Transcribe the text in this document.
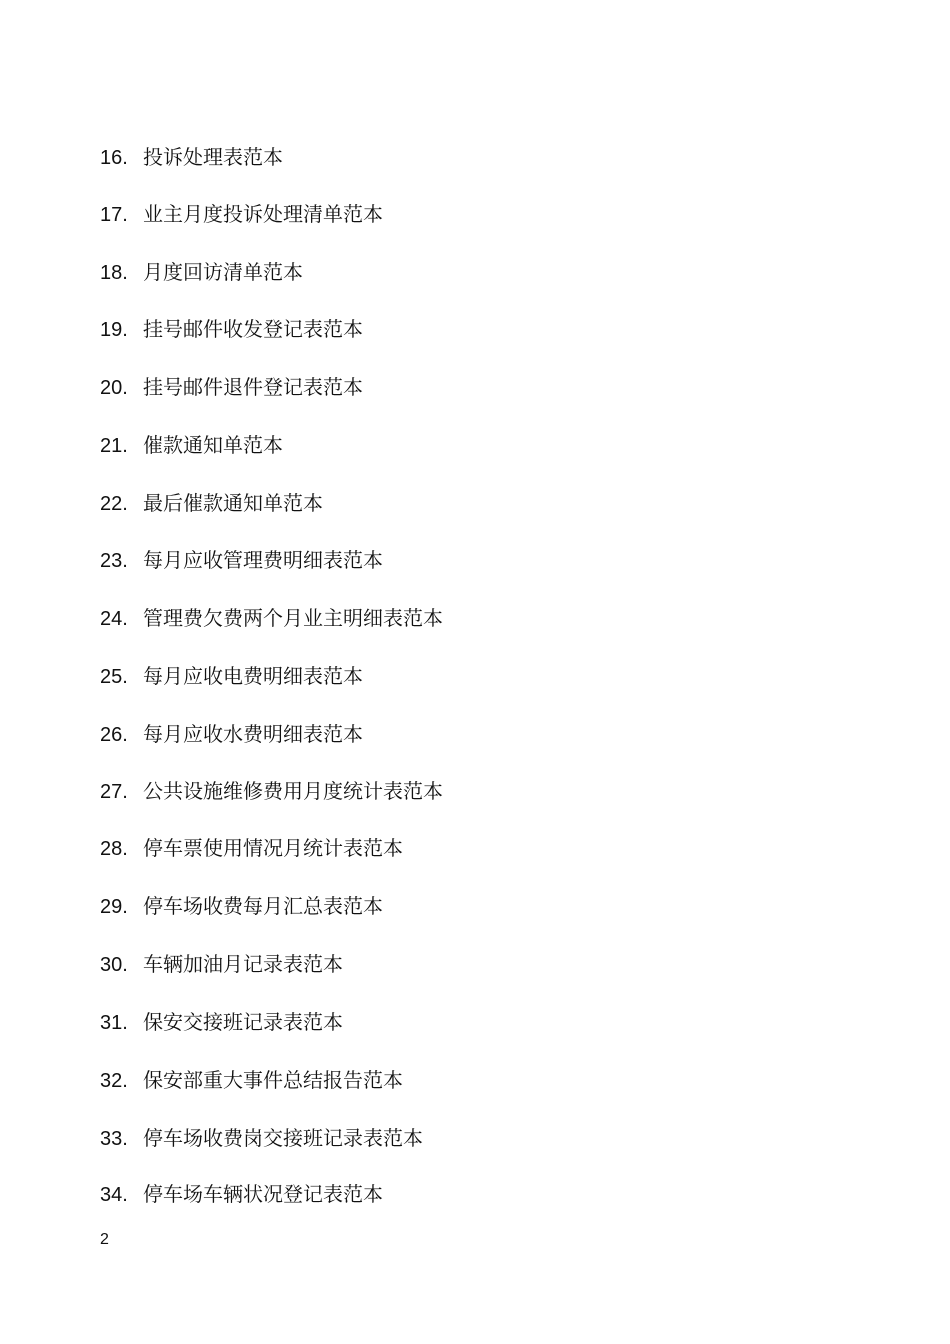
16. 投诉处理表范本
17. 业主月度投诉处理清单范本
18. 月度回访清单范本
19. 挂号邮件收发登记表范本
20. 挂号邮件退件登记表范本
21. 催款通知单范本
22. 最后催款通知单范本
23. 每月应收管理费明细表范本
24. 管理费欠费两个月业主明细表范本
25. 每月应收电费明细表范本
26. 每月应收水费明细表范本
27. 公共设施维修费用月度统计表范本
28. 停车票使用情况月统计表范本
29. 停车场收费每月汇总表范本
30. 车辆加油月记录表范本
31. 保安交接班记录表范本
32. 保安部重大事件总结报告范本
33. 停车场收费岗交接班记录表范本
34. 停车场车辆状况登记表范本
2
